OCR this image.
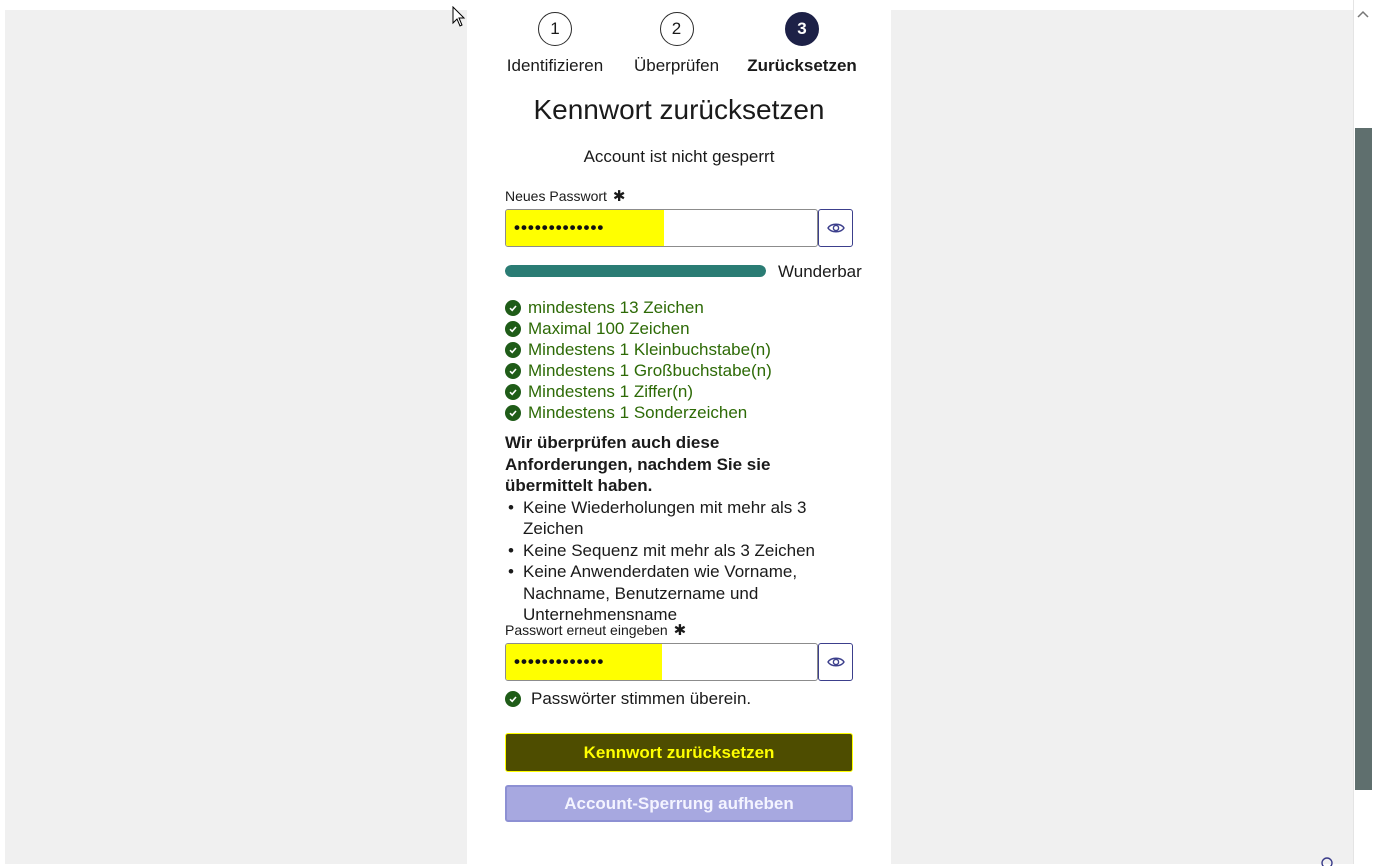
1
Identifizieren
2
Überprüfen
3
Zurücksetzen
Kennwort zurücksetzen
Account ist nicht gesperrt
Neues Passwort ✱
•••••••••••••
Wunderbar
mindestens 13 Zeichen
Maximal 100 Zeichen
Mindestens 1 Kleinbuchstabe(n)
Mindestens 1 Großbuchstabe(n)
Mindestens 1 Ziffer(n)
Mindestens 1 Sonderzeichen
Wir überprüfen auch diese Anforderungen, nachdem Sie sie übermittelt haben.
• Keine Wiederholungen mit mehr als 3 Zeichen
• Keine Sequenz mit mehr als 3 Zeichen
• Keine Anwenderdaten wie Vorname, Nachname, Benutzername und Unternehmensname
Passwort erneut eingeben ✱
•••••••••••••
Passwörter stimmen überein.
Kennwort zurücksetzen
Account-Sperrung aufheben
